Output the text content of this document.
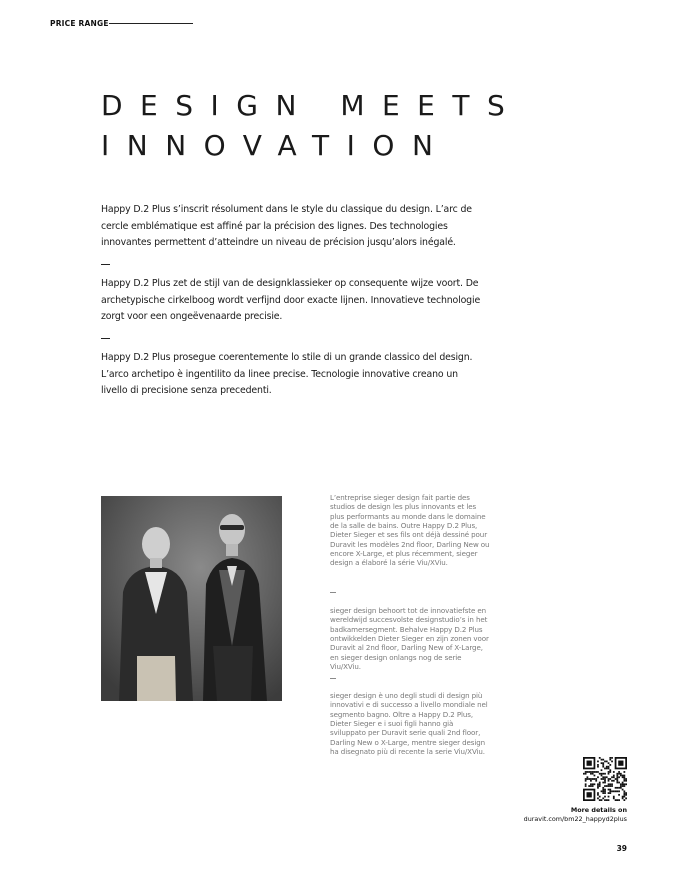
PRICE RANGE
DESIGN MEETS
INNOVATION

Happy D.2 Plus s’inscrit résolument dans le style du classique du design. L’arc de cercle emblématique est affiné par la précision des lignes. Des technologies innovantes permettent d’atteindre un niveau de précision jusqu’alors inégalé.

Happy D.2 Plus zet de stijl van de designklassieker op consequente wijze voort. De archetypische cirkelboog wordt verfijnd door exacte lijnen. Innovatieve technologie zorgt voor een ongeëvenaarde precisie.

Happy D.2 Plus prosegue coerentemente lo stile di un grande classico del design. L’arco archetipo è ingentilito da linee precise. Tecnologie innovative creano un livello di precisione senza precedenti.

L’entreprise sieger design fait partie des studios de design les plus innovants et les plus performants au monde dans le domaine de la salle de bains. Outre Happy D.2 Plus, Dieter Sieger et ses fils ont déjà dessiné pour Duravit les modèles 2nd floor, Darling New ou encore X-Large, et plus récemment, sieger design a élaboré la série Viu/XViu.

sieger design behoort tot de innovatiefste en wereldwijd succesvolste designstudio’s in het badkamersegment. Behalve Happy D.2 Plus ontwikkelden Dieter Sieger en zijn zonen voor Duravit al 2nd floor, Darling New of X-Large, en sieger design onlangs nog de serie Viu/XViu.

sieger design è uno degli studi di design più innovativi e di successo a livello mondiale nel segmento bagno. Oltre a Happy D.2 Plus, Dieter Sieger e i suoi figli hanno già sviluppato per Duravit serie quali 2nd floor, Darling New o X-Large, mentre sieger design ha disegnato più di recente la serie Viu/XViu.

More details on
duravit.com/bm22_happyd2plus
39
